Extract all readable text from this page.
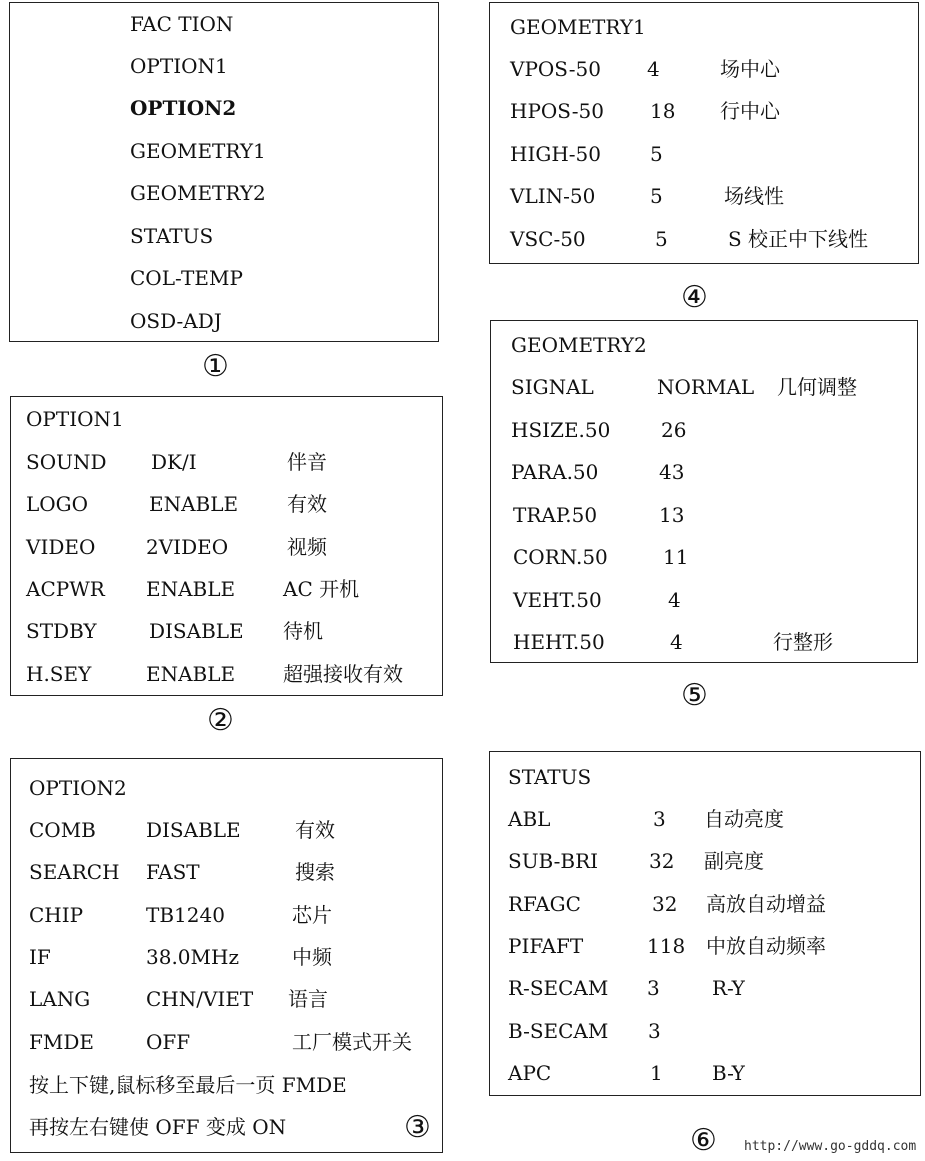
FAC TION
OPTION1
OPTION2
GEOMETRY1
GEOMETRY2
STATUS
COL-TEMP
OSD-ADJ
①
OPTION1
SOUND DK/I	伴音
LOGO	ENABLE 有效
VIDEO	2VIDEO	视频
ACPWR ENABLE AC 开机
STDBY	DISABLE 待机
H.SEY	ENABLE 超强接收有效
②
OPTION2
COMB	DISABLE	有效
SEARCH FAST	搜索
CHIP	TB1240	芯片
IF	38.0MHz	中频
LANG	CHN/VIET 语言
FMDE	OFF	工厂模式开关
按上下键,鼠标移至最后一页 FMDE
再按左右键使 OFF 变成 ON	③
GEOMETRY1
VPOS-50 4	场中心
HPOS-50 18 行中心
HIGH-50 5
VLIN-50	5	场线性
VSC-50	5	S 校正中下线性
④
GEOMETRY2
SIGNAL	NORMAL 几何调整
HSIZE.50	26
PARA.50	43
TRAP.50	13
CORN.50	11
VEHT.50	4
HEHT.50	4	行整形
⑤
STATUS
ABL	3 自动亮度
SUB-BRI	32 副亮度
RFAGC	32 高放自动增益
PIFAFT	118 中放自动频率
R-SECAM 3	R-Y
B-SECAM 3
APC	1 B-Y
⑥ http://www.go-gddq.com
